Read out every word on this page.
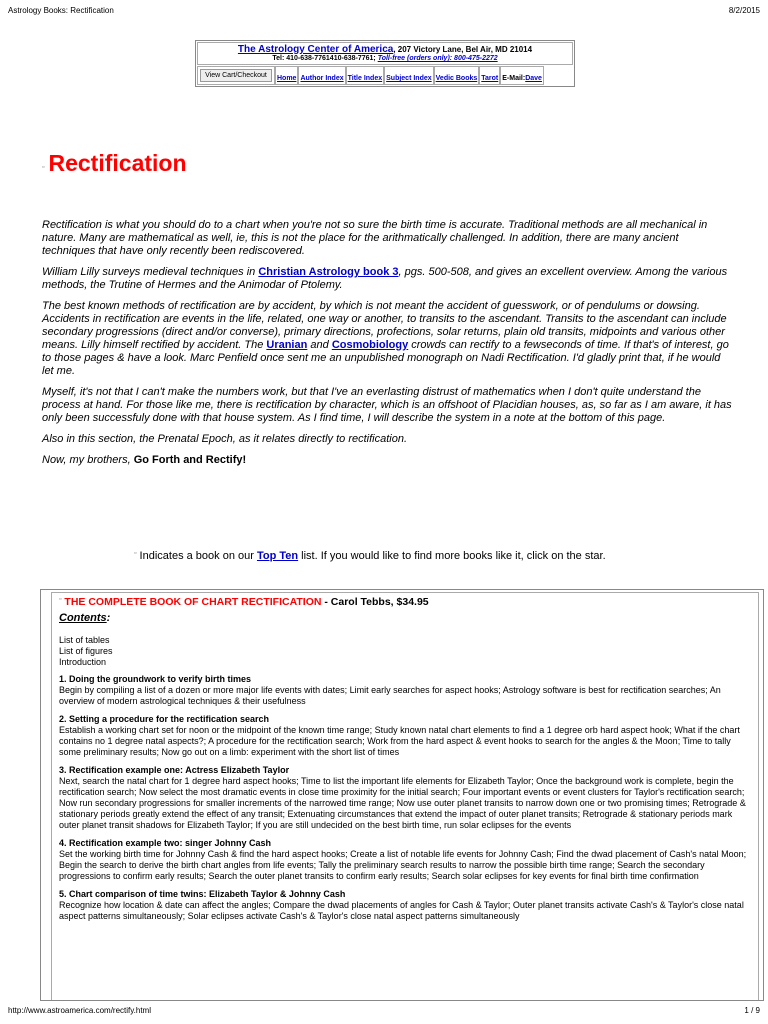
Astrology Books: Rectification	8/2/2015
The Astrology Center of America, 207 Victory Lane, Bel Air, MD 21014
Tel: 410-638-7761410-638-7761; Toll-free (orders only): 800-475-2272
View Cart/Checkout	Home Author Index Title Index Subject Index Vedic Books Tarot E-Mail: Dave
▫ Rectification

Rectification is what you should do to a chart when you're not so sure the birth time is accurate. Traditional methods are all mechanical in nature. Many are mathematical as well, ie, this is not the place for the arithmatically challenged. In addition, there are many ancient techniques that have only recently been rediscovered.

William Lilly surveys medieval techniques in Christian Astrology book 3, pgs. 500-508, and gives an excellent overview. Among the various methods, the Trutine of Hermes and the Animodar of Ptolemy.

The best known methods of rectification are by accident, by which is not meant the accident of guesswork, or of pendulums or dowsing. Accidents in rectification are events in the life, related, one way or another, to transits to the ascendant. Transits to the ascendant can include secondary progressions (direct and/or converse), primary directions, profections, solar returns, plain old transits, midpoints and various other means. Lilly himself rectified by accident. The Uranian and Cosmobiology crowds can rectify to a fewseconds of time. If that's of interest, go to those pages & have a look. Marc Penfield once sent me an unpublished monograph on Nadi Rectification. I'd gladly print that, if he would let me.

Myself, it's not that I can't make the numbers work, but that I've an everlasting distrust of mathematics when I don't quite understand the process at hand. For those like me, there is rectification by character, which is an offshoot of Placidian houses, as, so far as I am aware, it has only been successfuly done with that house system. As I find time, I will describe the system in a note at the bottom of this page.

Also in this section, the Prenatal Epoch, as it relates directly to rectification.

Now, my brothers, Go Forth and Rectify!

▫ Indicates a book on our Top Ten list. If you would like to find more books like it, click on the star.
▫ THE COMPLETE BOOK OF CHART RECTIFICATION - Carol Tebbs, $34.95
Contents:
List of tables
List of figures
Introduction
1. Doing the groundwork to verify birth times
Begin by compiling a list of a dozen or more major life events with dates; Limit early searches for aspect hooks; Astrology software is best for rectification searches; An overview of modern astrological techniques & their usefulness
2. Setting a procedure for the rectification search
Establish a working chart set for noon or the midpoint of the known time range; Study known natal chart elements to find a 1 degree orb hard aspect hook; What if the chart contains no 1 degree natal aspects?; A procedure for the rectification search; Work from the hard aspect & event hooks to search for the angles & the Moon; Time to tally some preliminary results; Now go out on a limb: experiment with the short list of times
3. Rectification example one: Actress Elizabeth Taylor
Next, search the natal chart for 1 degree hard aspect hooks; Time to list the important life elements for Elizabeth Taylor; Once the background work is complete, begin the rectification search; Now select the most dramatic events in close time proximity for the initial search; Four important events or event clusters for Taylor's rectification search; Now run secondary progressions for smaller increments of the narrowed time range; Now use outer planet transits to narrow down one or two promising times; Retrograde & stationary periods greatly extend the effect of any transit; Extenuating circumstances that extend the impact of outer planet transits; Retrograde & stationary periods mark outer planet transit shadows for Elizabeth Taylor; If you are still undecided on the best birth time, run solar eclipses for the events
4. Rectification example two: singer Johnny Cash
Set the working birth time for Johnny Cash & find the hard aspect hooks; Create a list of notable life events for Johnny Cash; Find the dwad placement of Cash's natal Moon; Begin the search to derive the birth chart angles from life events; Tally the preliminary search results to narrow the possible birth time range; Search the secondary progressions to confirm early results; Search the outer planet transits to confirm early results; Search solar eclipses for key events for final birth time confirmation
5. Chart comparison of time twins: Elizabeth Taylor & Johnny Cash
Recognize how location & date can affect the angles; Compare the dwad placements of angles for Cash & Taylor; Outer planet transits activate Cash's & Taylor's close natal aspect patterns simultaneously; Solar eclipses activate Cash's & Taylor's close natal aspect patterns simultaneously
http://www.astroamerica.com/rectify.html	1 / 9
